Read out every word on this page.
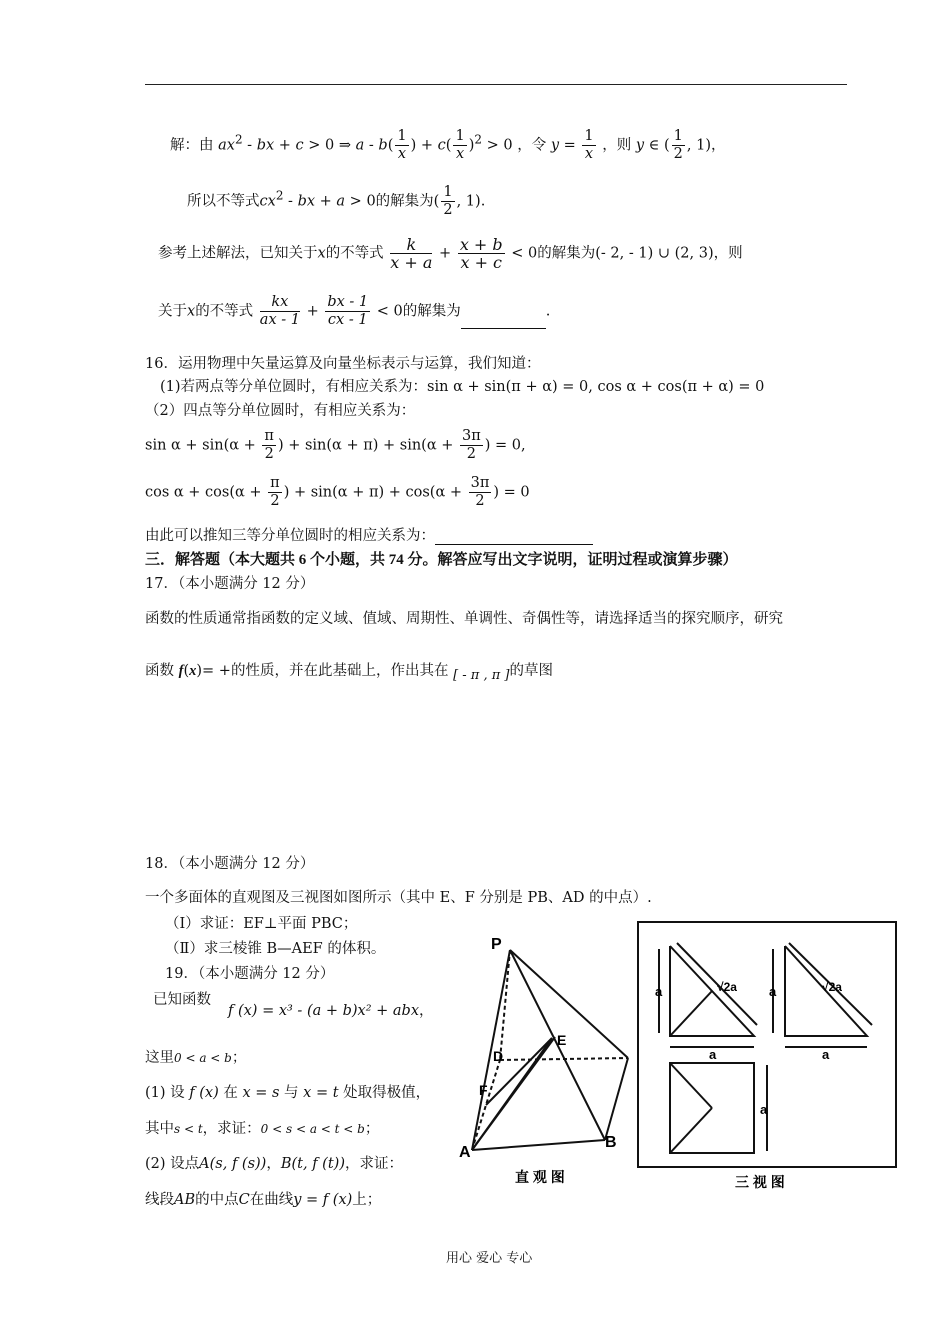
解：由 $ax^2$ - bx + c > 0 ⇒ a - $b( \frac{1}{x}$ ) + $c( \frac{1}{x} )^2 > 0$ ，令 $y = \frac{1}{x}$ ，则 y ∈ ( $\frac{1}{2}$ , 1)，
所以不等式$cx^2$ - bx + a > 0的解集为( $\frac{1}{2}$ , 1).
参考上述解法，已知关于x的不等式 $\frac{k}{x + a} + \frac{x + b}{x + c} < 0$的解集为(- 2, - 1) ∪ (2, 3)，则
关于x的不等式 $\frac{kx}{ax - 1} + \frac{bx - 1}{cx - 1} < 0$的解集为	.
16．运用物理中矢量运算及向量坐标表示与运算，我们知道：
(1)若两点等分单位圆时，有相应关系为：sin α + sin(π + α) = 0, cos α + cos(π + α) = 0
（2）四点等分单位圆时，有相应关系为：
$\sin \alpha + \sin(\alpha + \frac{\pi}{2}$ ) + $\sin(\alpha + \pi) + \sin(\alpha + \frac{3\pi}{2}$ ) = 0,
$\cos \alpha + \cos(\alpha + \frac{\pi}{2}$ ) + $\sin(\alpha + \pi) + \cos(\alpha + \frac{3\pi}{2}$ ) = 0
由此可以推知三等分单位圆时的相应关系为：
三．解答题（本大题共 6 个小题，共 74 分。解答应写出文字说明，证明过程或演算步骤）
17．（本小题满分 12 分）
函数的性质通常指函数的定义域、值域、周期性、单调性、奇偶性等，请选择适当的探究顺序，研究
函数 f(x)= +的性质，并在此基础上，作出其在 [ - π , π ]的草图
18．（本小题满分 12 分）
一个多面体的直观图及三视图如图所示（其中 E、F 分别是 PB、AD 的中点）.
（Ⅰ）求证：EF⊥平面 PBC；
（Ⅱ）求三棱锥 B—AEF 的体积。
19．（本小题满分 12 分）
已知函数
f (x) = x³ - (a + b)x² + abx，
这里0 < a < b；
(1) 设 f (x) 在 x = s 与 x = t 处取得极值，
其中s < t，求证：0 < s < a < t < b；
(2) 设点A(s, f (s))，B(t, f (t))，求证：
线段AB的中点C在曲线y = f (x)上；
P
A
B
D
E
F
直 观 图
a	√2a a	√2a
a	a
a
三 视 图
用心 爱心 专心
